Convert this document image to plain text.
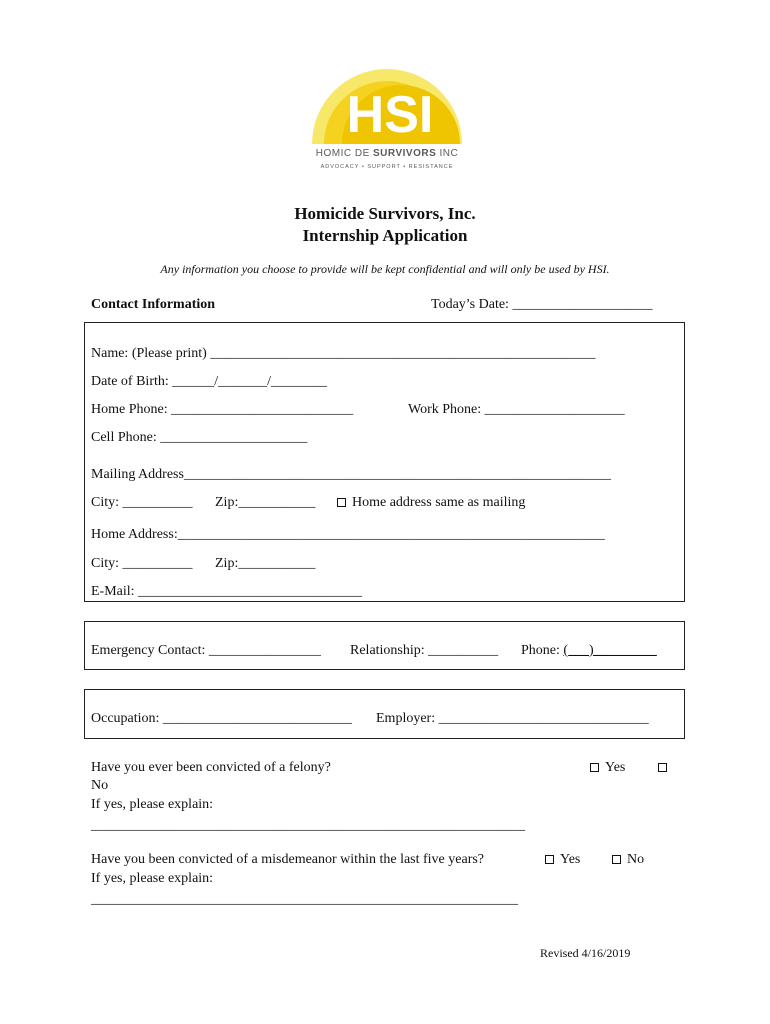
HSI
HOMIC DE SURVIVORS INC
ADVOCACY • SUPPORT • RESISTANCE
Homicide Survivors, Inc.
Internship Application
Any information you choose to provide will be kept confidential and will only be used by HSI.
Contact Information	Today’s Date: ____________________
Name: (Please print) _______________________________________________________
Date of Birth: ______/_______/________
Home Phone: __________________________	Work Phone: ____________________
Cell Phone: _____________________
Mailing Address_____________________________________________________________
City: __________ Zip:___________	Home address same as mailing
Home Address:_____________________________________________________________
City: __________ Zip:___________
E-Mail: ________________________________
Emergency Contact: ________________ Relationship: __________ Phone: (___)_________
Occupation: ___________________________ Employer: ______________________________
Have you ever been convicted of a felony?	Yes
No
If yes, please explain:
______________________________________________________________
Have you been convicted of a misdemeanor within the last five years?	Yes	No
If yes, please explain:
_____________________________________________________________
Revised 4/16/2019
